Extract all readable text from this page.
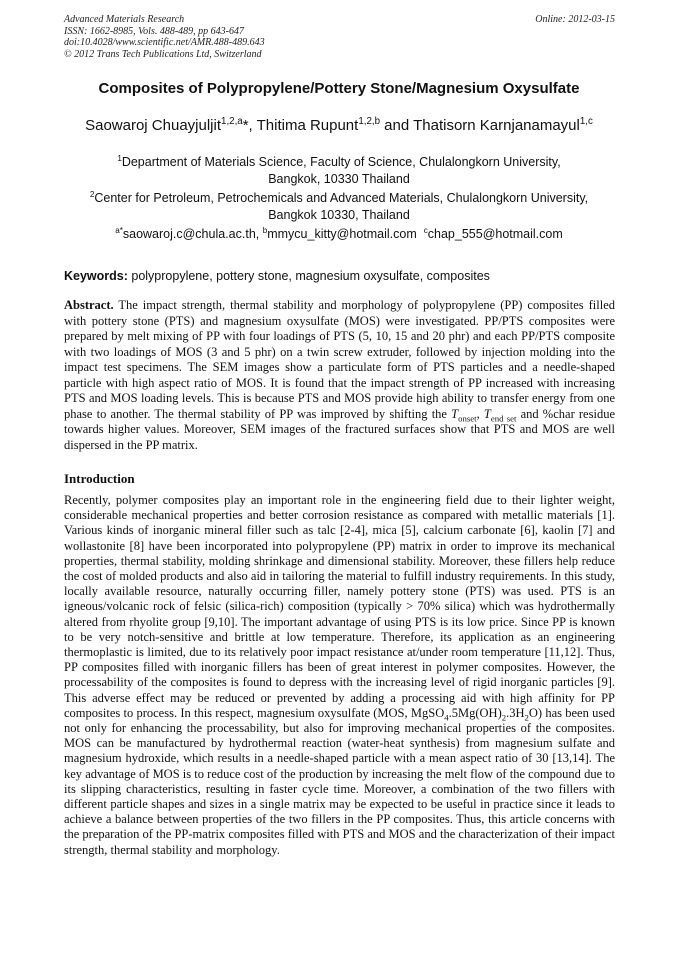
Advanced Materials Research
ISSN: 1662-8985, Vols. 488-489, pp 643-647
doi:10.4028/www.scientific.net/AMR.488-489.643
© 2012 Trans Tech Publications Ltd, Switzerland
Online: 2012-03-15
Composites of Polypropylene/Pottery Stone/Magnesium Oxysulfate
Saowaroj Chuayjuljit$^{1,2,a}$*, Thitima Rupunt$^{1,2,b}$ and Thatisorn Karnjanamayul$^{1,c}$
$^1$Department of Materials Science, Faculty of Science, Chulalongkorn University,
Bangkok, 10330 Thailand
$^2$Center for Petroleum, Petrochemicals and Advanced Materials, Chulalongkorn University,
Bangkok 10330, Thailand
$^{a*}$saowaroj.c@chula.ac.th, $^b$mmycu_kitty@hotmail.com  $^c$chap_555@hotmail.com
Keywords: polypropylene, pottery stone, magnesium oxysulfate, composites
Abstract. The impact strength, thermal stability and morphology of polypropylene (PP) composites filled with pottery stone (PTS) and magnesium oxysulfate (MOS) were investigated. PP/PTS composites were prepared by melt mixing of PP with four loadings of PTS (5, 10, 15 and 20 phr) and each PP/PTS composite with two loadings of MOS (3 and 5 phr) on a twin screw extruder, followed by injection molding into the impact test specimens. The SEM images show a particulate form of PTS particles and a needle-shaped particle with high aspect ratio of MOS. It is found that the impact strength of PP increased with increasing PTS and MOS loading levels. This is because PTS and MOS provide high ability to transfer energy from one phase to another. The thermal stability of PP was improved by shifting the $T_{onset}$, $T_{end set}$ and %char residue towards higher values. Moreover, SEM images of the fractured surfaces show that PTS and MOS are well dispersed in the PP matrix.
Introduction
Recently, polymer composites play an important role in the engineering field due to their lighter weight, considerable mechanical properties and better corrosion resistance as compared with metallic materials [1]. Various kinds of inorganic mineral filler such as talc [2-4], mica [5], calcium carbonate [6], kaolin [7] and wollastonite [8] have been incorporated into polypropylene (PP) matrix in order to improve its mechanical properties, thermal stability, molding shrinkage and dimensional stability. Moreover, these fillers help reduce the cost of molded products and also aid in tailoring the material to fulfill industry requirements. In this study, locally available resource, naturally occurring filler, namely pottery stone (PTS) was used. PTS is an igneous/volcanic rock of felsic (silica-rich) composition (typically > 70% silica) which was hydrothermally altered from rhyolite group [9,10]. The important advantage of using PTS is its low price. Since PP is known to be very notch-sensitive and brittle at low temperature. Therefore, its application as an engineering thermoplastic is limited, due to its relatively poor impact resistance at/under room temperature [11,12]. Thus, PP composites filled with inorganic fillers has been of great interest in polymer composites. However, the processability of the composites is found to depress with the increasing level of rigid inorganic particles [9]. This adverse effect may be reduced or prevented by adding a processing aid with high affinity for PP composites to process. In this respect, magnesium oxysulfate (MOS, $MgSO_4.5Mg(OH)_2.3H_2O$) has been used not only for enhancing the processability, but also for improving mechanical properties of the composites. MOS can be manufactured by hydrothermal reaction (water-heat synthesis) from magnesium sulfate and magnesium hydroxide, which results in a needle-shaped particle with a mean aspect ratio of 30 [13,14]. The key advantage of MOS is to reduce cost of the production by increasing the melt flow of the compound due to its slipping characteristics, resulting in faster cycle time. Moreover, a combination of the two fillers with different particle shapes and sizes in a single matrix may be expected to be useful in practice since it leads to achieve a balance between properties of the two fillers in the PP composites. Thus, this article concerns with the preparation of the PP-matrix composites filled with PTS and MOS and the characterization of their impact strength, thermal stability and morphology.
